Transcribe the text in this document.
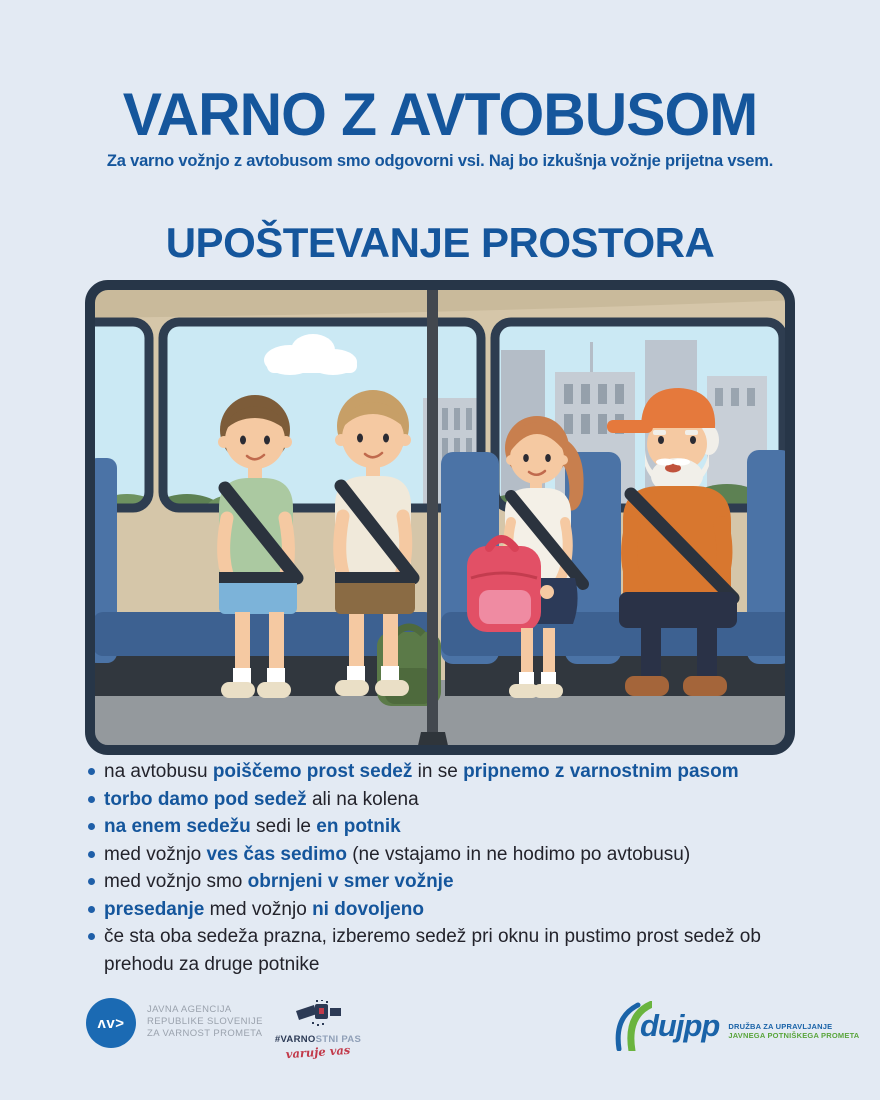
VARNO Z AVTOBUSOM
Za varno vožnjo z avtobusom smo odgovorni vsi. Naj bo izkušnja vožnje prijetna vsem.
UPOŠTEVANJE PROSTORA
na avtobusu poiščemo prost sedež in se pripnemo z varnostnim pasom
torbo damo pod sedež ali na kolena
na enem sedežu sedi le en potnik
med vožnjo ves čas sedimo (ne vstajamo in ne hodimo po avtobusu)
med vožnjo smo obrnjeni v smer vožnje
presedanje med vožnjo ni dovoljeno
če sta oba sedeža prazna, izberemo sedež pri oknu in pustimo prost sedež ob prehodu za druge potnike
ʌv>
JAVNA AGENCIJA
REPUBLIKE SLOVENIJE
ZA VARNOST PROMETA
#VARNOSTNI PAS
varuje vas
dujpp DRUŽBA ZA UPRAVLJANJE
JAVNEGA POTNIŠKEGA PROMETA
